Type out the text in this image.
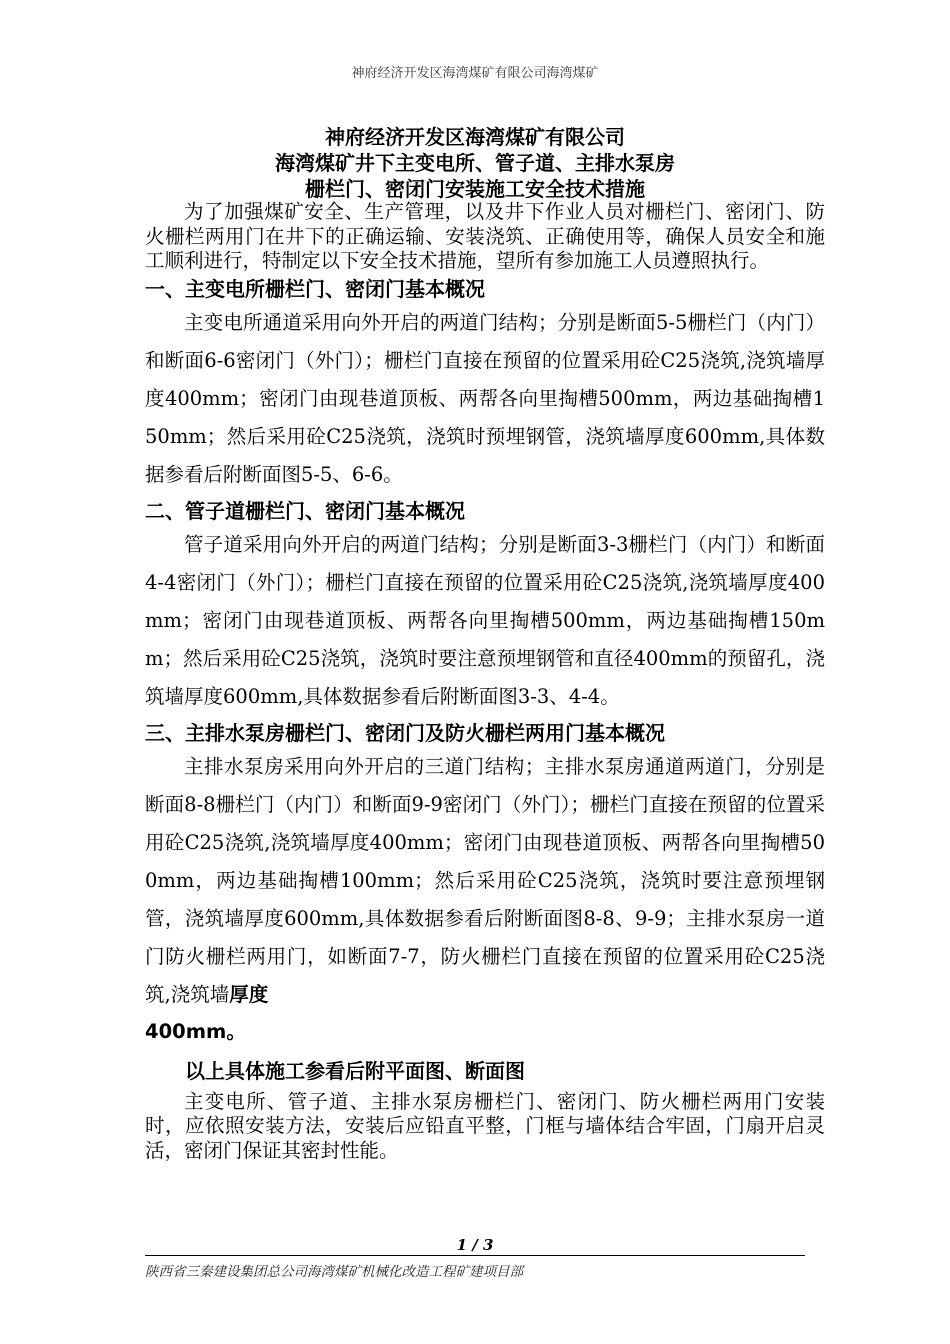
神府经济开发区海湾煤矿有限公司海湾煤矿
神府经济开发区海湾煤矿有限公司
海湾煤矿井下主变电所、管子道、主排水泵房
栅栏门、密闭门安装施工安全技术措施

为了加强煤矿安全、生产管理，以及井下作业人员对栅栏门、密闭门、防火栅栏两用门在井下的正确运输、安装浇筑、正确使用等，确保人员安全和施工顺利进行，特制定以下安全技术措施，望所有参加施工人员遵照执行。

一、主变电所栅栏门、密闭门基本概况

主变电所通道采用向外开启的两道门结构；分别是断面5-5栅栏门（内门）和断面6-6密闭门（外门）；栅栏门直接在预留的位置采用砼C25浇筑,浇筑墙厚度400mm；密闭门由现巷道顶板、两帮各向里掏槽500mm，两边基础掏槽150mm；然后采用砼C25浇筑，浇筑时预埋钢管，浇筑墙厚度600mm,具体数据参看后附断面图5-5、6-6。

二、管子道栅栏门、密闭门基本概况

管子道采用向外开启的两道门结构；分别是断面3-3栅栏门（内门）和断面4-4密闭门（外门）；栅栏门直接在预留的位置采用砼C25浇筑,浇筑墙厚度400mm；密闭门由现巷道顶板、两帮各向里掏槽500mm，两边基础掏槽150mm；然后采用砼C25浇筑，浇筑时要注意预埋钢管和直径400mm的预留孔，浇筑墙厚度600mm,具体数据参看后附断面图3-3、4-4。

三、主排水泵房栅栏门、密闭门及防火栅栏两用门基本概况

主排水泵房采用向外开启的三道门结构；主排水泵房通道两道门，分别是断面8-8栅栏门（内门）和断面9-9密闭门（外门）；栅栏门直接在预留的位置采用砼C25浇筑,浇筑墙厚度400mm；密闭门由现巷道顶板、两帮各向里掏槽500mm，两边基础掏槽100mm；然后采用砼C25浇筑，浇筑时要注意预埋钢管，浇筑墙厚度600mm,具体数据参看后附断面图8-8、9-9；主排水泵房一道门防火栅栏两用门，如断面7-7，防火栅栏门直接在预留的位置采用砼C25浇筑,浇筑墙厚度

400mm。
以上具体施工参看后附平面图、断面图

主变电所、管子道、主排水泵房栅栏门、密闭门、防火栅栏两用门安装时，应依照安装方法，安装后应铅直平整，门框与墙体结合牢固，门扇开启灵活，密闭门保证其密封性能。

1 / 3
陕西省三秦建设集团总公司海湾煤矿机械化改造工程矿建项目部
